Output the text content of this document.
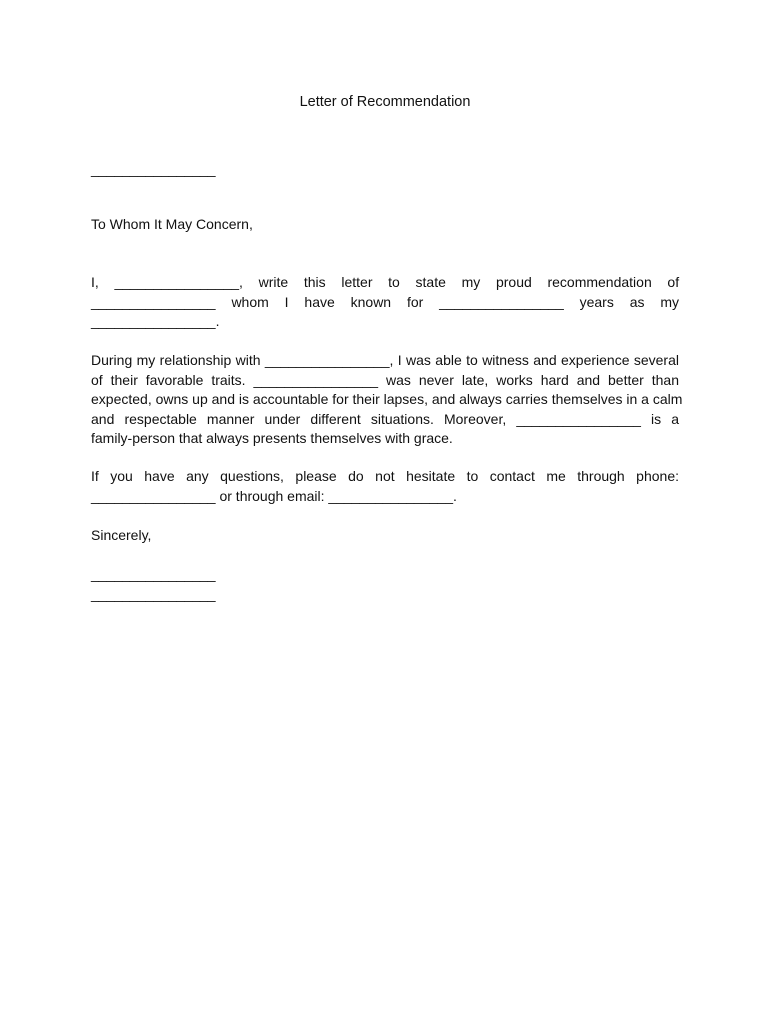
Letter of Recommendation
________________
To Whom It May Concern,
I, ________________, write this letter to state my proud recommendation of
________________ whom I have known for ________________ years as my
________________.
During my relationship with ________________, I was able to witness and experience several
of their favorable traits. ________________ was never late, works hard and better than
expected, owns up and is accountable for their lapses, and always carries themselves in a calm
and respectable manner under different situations. Moreover, ________________ is a
family-person that always presents themselves with grace.
If you have any questions, please do not hesitate to contact me through phone:
________________ or through email: ________________.
Sincerely,
________________
________________
